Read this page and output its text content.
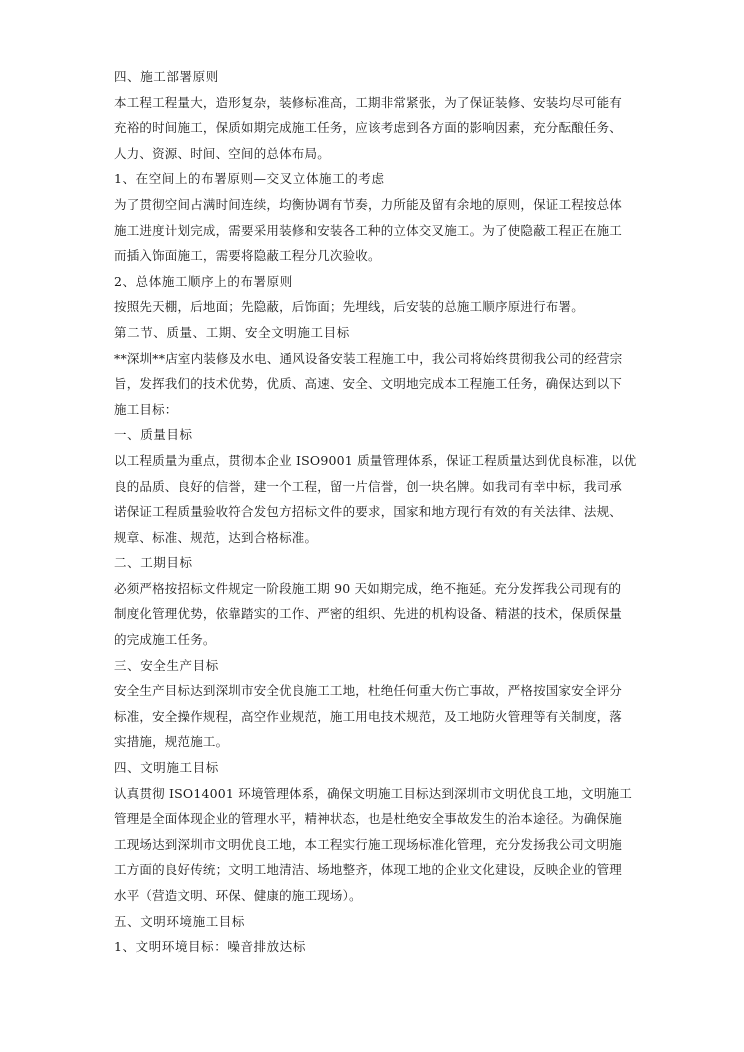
四、施工部署原则
本工程工程量大，造形复杂，装修标准高，工期非常紧张，为了保证装修、安装均尽可能有
充裕的时间施工，保质如期完成施工任务，应该考虑到各方面的影响因素，充分酝酿任务、
人力、资源、时间、空间的总体布局。
1、在空间上的布署原则—交叉立体施工的考虑
为了贯彻空间占满时间连续，均衡协调有节奏，力所能及留有余地的原则，保证工程按总体
施工进度计划完成，需要采用装修和安装各工种的立体交叉施工。为了使隐蔽工程正在施工
而插入饰面施工，需要将隐蔽工程分几次验收。
2、总体施工顺序上的布署原则
按照先天棚，后地面；先隐蔽，后饰面；先埋线，后安装的总施工顺序原进行布署。
第二节、质量、工期、安全文明施工目标
**深圳**店室内装修及水电、通风设备安装工程施工中，我公司将始终贯彻我公司的经营宗
旨，发挥我们的技术优势，优质、高速、安全、文明地完成本工程施工任务，确保达到以下
施工目标：
一、质量目标
以工程质量为重点，贯彻本企业 ISO9001 质量管理体系，保证工程质量达到优良标准，以优
良的品质、良好的信誉，建一个工程，留一片信誉，创一块名牌。如我司有幸中标，我司承
诺保证工程质量验收符合发包方招标文件的要求，国家和地方现行有效的有关法律、法规、
规章、标准、规范，达到合格标准。
二、工期目标
必须严格按招标文件规定一阶段施工期 90 天如期完成，绝不拖延。充分发挥我公司现有的
制度化管理优势，依靠踏实的工作、严密的组织、先进的机构设备、精湛的技术，保质保量
的完成施工任务。
三、安全生产目标
安全生产目标达到深圳市安全优良施工工地，杜绝任何重大伤亡事故，严格按国家安全评分
标准，安全操作规程，高空作业规范，施工用电技术规范，及工地防火管理等有关制度，落
实措施，规范施工。
四、文明施工目标
认真贯彻 ISO14001 环境管理体系，确保文明施工目标达到深圳市文明优良工地，文明施工
管理是全面体现企业的管理水平，精神状态，也是杜绝安全事故发生的治本途径。为确保施
工现场达到深圳市文明优良工地，本工程实行施工现场标准化管理，充分发扬我公司文明施
工方面的良好传统；文明工地清洁、场地整齐，体现工地的企业文化建设，反映企业的管理
水平（营造文明、环保、健康的施工现场）。
五、文明环境施工目标
1、文明环境目标：噪音排放达标
